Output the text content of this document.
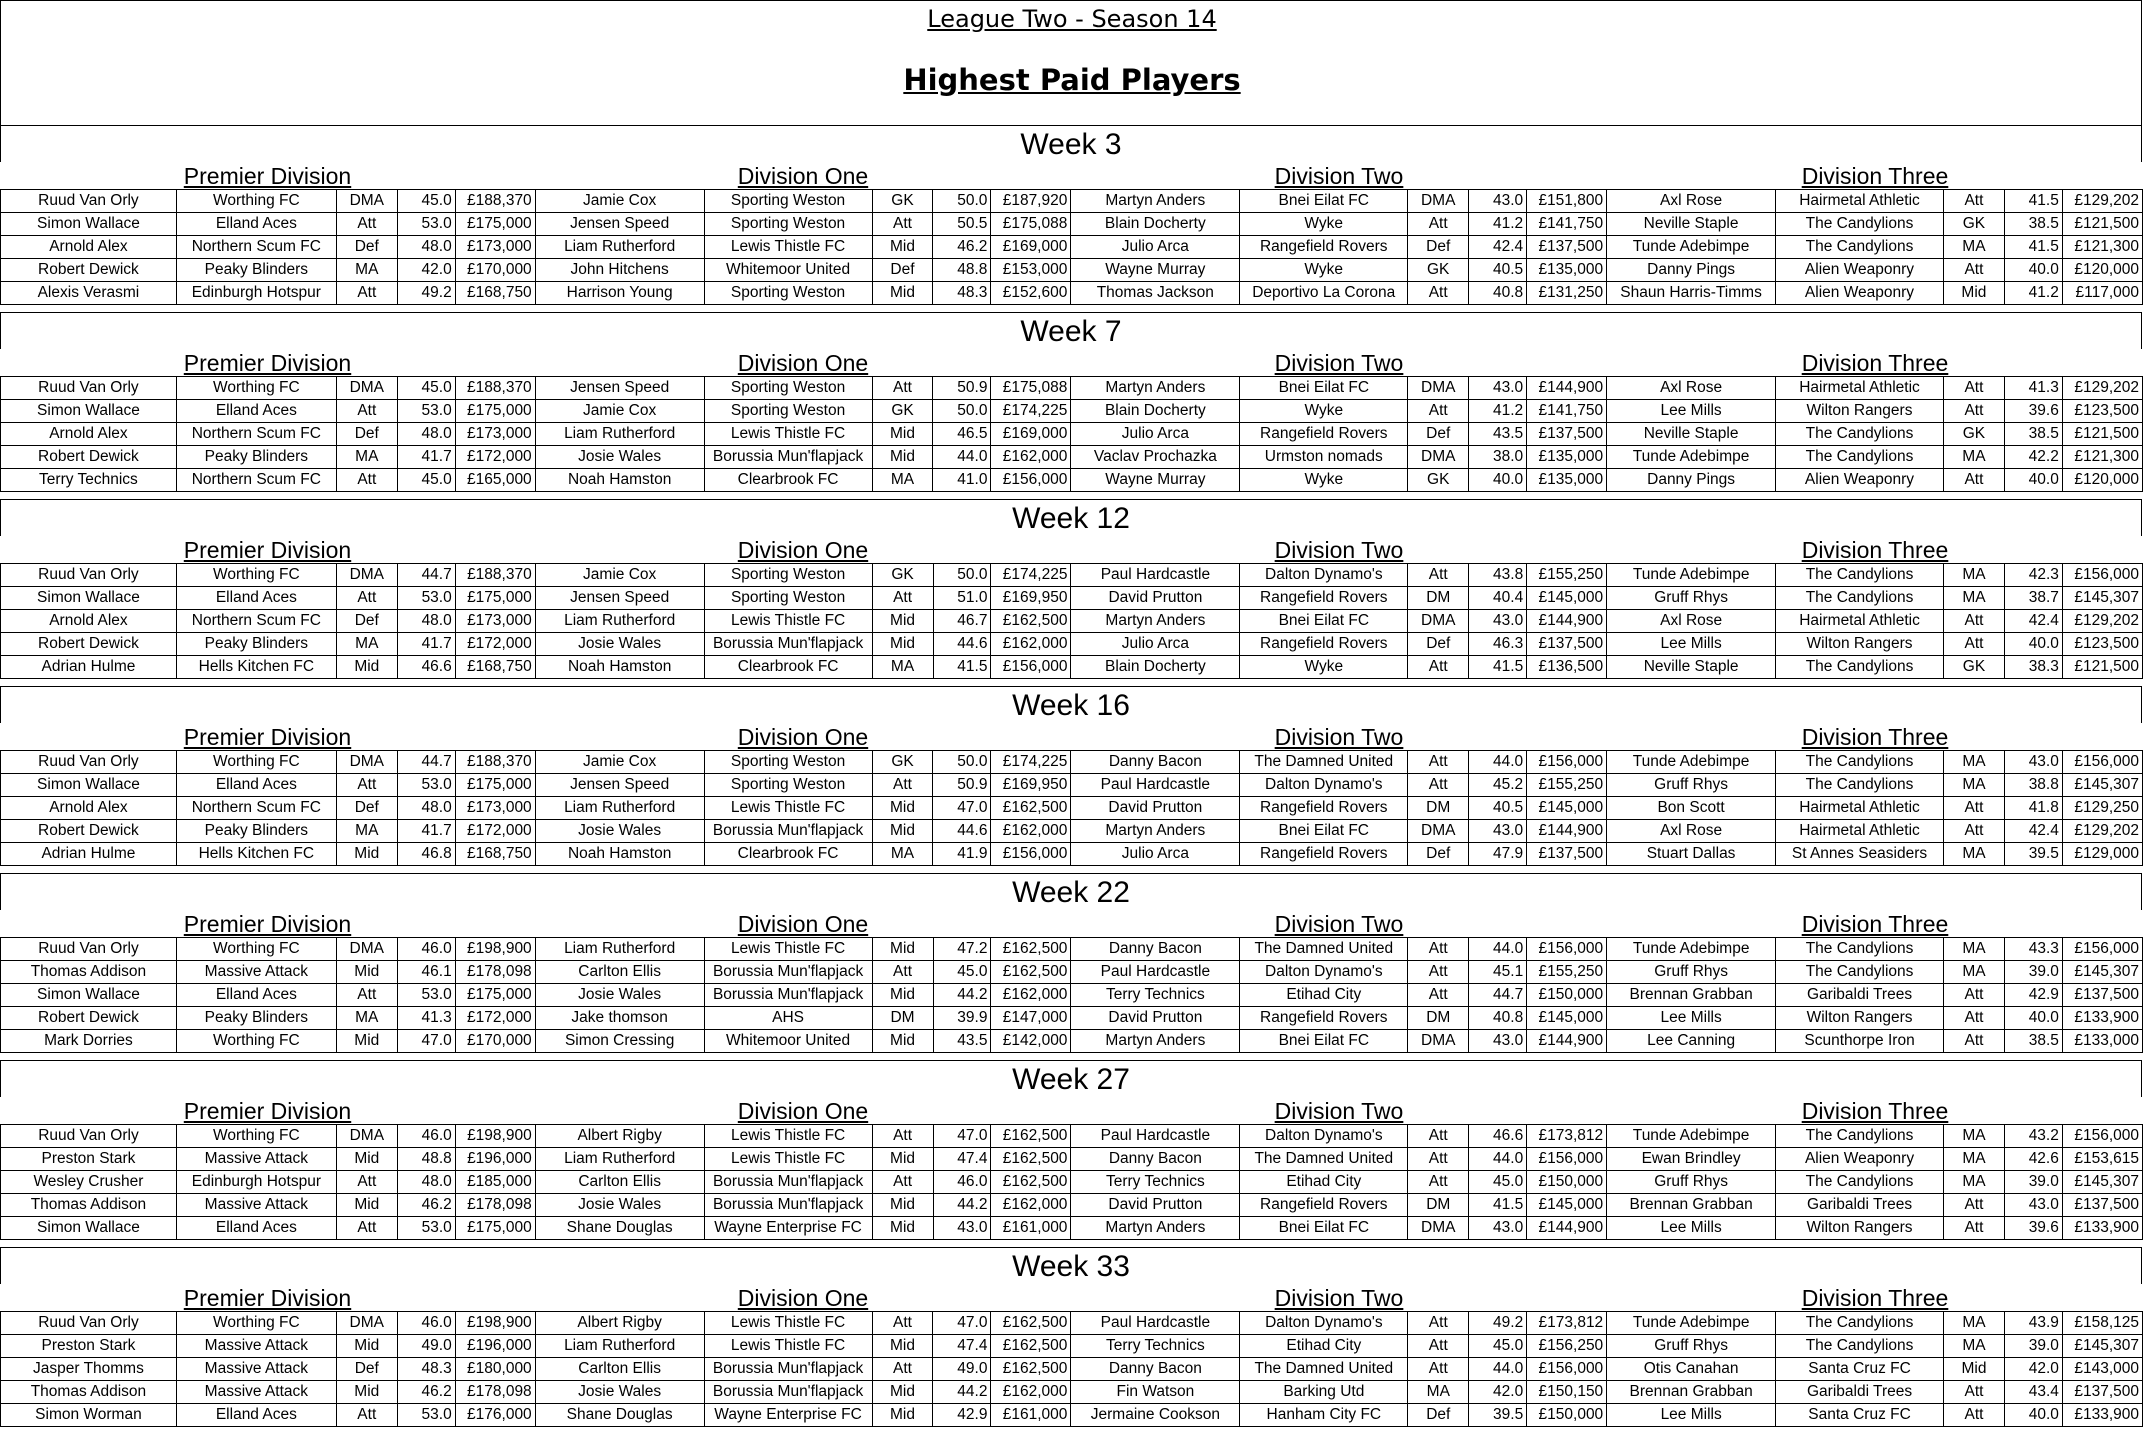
League Two - Season 14
Highest Paid Players
Week 3
Premier Division	Division One	Division Two	Division Three
Ruud Van Orly	Worthing FC	DMA	45.0	£188,370	Jamie Cox	Sporting Weston	GK	50.0	£187,920	Martyn Anders	Bnei Eilat FC	DMA	43.0	£151,800	Axl Rose	Hairmetal Athletic	Att	41.5	£129,202
Simon Wallace	Elland Aces	Att	53.0	£175,000	Jensen Speed	Sporting Weston	Att	50.5	£175,088	Blain Docherty	Wyke	Att	41.2	£141,750	Neville Staple	The Candylions	GK	38.5	£121,500
Arnold Alex	Northern Scum FC	Def	48.0	£173,000	Liam Rutherford	Lewis Thistle FC	Mid	46.2	£169,000	Julio Arca	Rangefield Rovers	Def	42.4	£137,500	Tunde Adebimpe	The Candylions	MA	41.5	£121,300
Robert Dewick	Peaky Blinders	MA	42.0	£170,000	John Hitchens	Whitemoor United	Def	48.8	£153,000	Wayne Murray	Wyke	GK	40.5	£135,000	Danny Pings	Alien Weaponry	Att	40.0	£120,000
Alexis Verasmi	Edinburgh Hotspur	Att	49.2	£168,750	Harrison Young	Sporting Weston	Mid	48.3	£152,600	Thomas Jackson	Deportivo La Corona	Att	40.8	£131,250	Shaun Harris-Timms	Alien Weaponry	Mid	41.2	£117,000
Week 7
Premier Division	Division One	Division Two	Division Three
Ruud Van Orly	Worthing FC	DMA	45.0	£188,370	Jensen Speed	Sporting Weston	Att	50.9	£175,088	Martyn Anders	Bnei Eilat FC	DMA	43.0	£144,900	Axl Rose	Hairmetal Athletic	Att	41.3	£129,202
Simon Wallace	Elland Aces	Att	53.0	£175,000	Jamie Cox	Sporting Weston	GK	50.0	£174,225	Blain Docherty	Wyke	Att	41.2	£141,750	Lee Mills	Wilton Rangers	Att	39.6	£123,500
Arnold Alex	Northern Scum FC	Def	48.0	£173,000	Liam Rutherford	Lewis Thistle FC	Mid	46.5	£169,000	Julio Arca	Rangefield Rovers	Def	43.5	£137,500	Neville Staple	The Candylions	GK	38.5	£121,500
Robert Dewick	Peaky Blinders	MA	41.7	£172,000	Josie Wales	Borussia Mun'flapjack	Mid	44.0	£162,000	Vaclav Prochazka	Urmston nomads	DMA	38.0	£135,000	Tunde Adebimpe	The Candylions	MA	42.2	£121,300
Terry Technics	Northern Scum FC	Att	45.0	£165,000	Noah Hamston	Clearbrook FC	MA	41.0	£156,000	Wayne Murray	Wyke	GK	40.0	£135,000	Danny Pings	Alien Weaponry	Att	40.0	£120,000
Week 12
Premier Division	Division One	Division Two	Division Three
Ruud Van Orly	Worthing FC	DMA	44.7	£188,370	Jamie Cox	Sporting Weston	GK	50.0	£174,225	Paul Hardcastle	Dalton Dynamo's	Att	43.8	£155,250	Tunde Adebimpe	The Candylions	MA	42.3	£156,000
Simon Wallace	Elland Aces	Att	53.0	£175,000	Jensen Speed	Sporting Weston	Att	51.0	£169,950	David Prutton	Rangefield Rovers	DM	40.4	£145,000	Gruff Rhys	The Candylions	MA	38.7	£145,307
Arnold Alex	Northern Scum FC	Def	48.0	£173,000	Liam Rutherford	Lewis Thistle FC	Mid	46.7	£162,500	Martyn Anders	Bnei Eilat FC	DMA	43.0	£144,900	Axl Rose	Hairmetal Athletic	Att	42.4	£129,202
Robert Dewick	Peaky Blinders	MA	41.7	£172,000	Josie Wales	Borussia Mun'flapjack	Mid	44.6	£162,000	Julio Arca	Rangefield Rovers	Def	46.3	£137,500	Lee Mills	Wilton Rangers	Att	40.0	£123,500
Adrian Hulme	Hells Kitchen FC	Mid	46.6	£168,750	Noah Hamston	Clearbrook FC	MA	41.5	£156,000	Blain Docherty	Wyke	Att	41.5	£136,500	Neville Staple	The Candylions	GK	38.3	£121,500
Week 16
Premier Division	Division One	Division Two	Division Three
Ruud Van Orly	Worthing FC	DMA	44.7	£188,370	Jamie Cox	Sporting Weston	GK	50.0	£174,225	Danny Bacon	The Damned United	Att	44.0	£156,000	Tunde Adebimpe	The Candylions	MA	43.0	£156,000
Simon Wallace	Elland Aces	Att	53.0	£175,000	Jensen Speed	Sporting Weston	Att	50.9	£169,950	Paul Hardcastle	Dalton Dynamo's	Att	45.2	£155,250	Gruff Rhys	The Candylions	MA	38.8	£145,307
Arnold Alex	Northern Scum FC	Def	48.0	£173,000	Liam Rutherford	Lewis Thistle FC	Mid	47.0	£162,500	David Prutton	Rangefield Rovers	DM	40.5	£145,000	Bon Scott	Hairmetal Athletic	Att	41.8	£129,250
Robert Dewick	Peaky Blinders	MA	41.7	£172,000	Josie Wales	Borussia Mun'flapjack	Mid	44.6	£162,000	Martyn Anders	Bnei Eilat FC	DMA	43.0	£144,900	Axl Rose	Hairmetal Athletic	Att	42.4	£129,202
Adrian Hulme	Hells Kitchen FC	Mid	46.8	£168,750	Noah Hamston	Clearbrook FC	MA	41.9	£156,000	Julio Arca	Rangefield Rovers	Def	47.9	£137,500	Stuart Dallas	St Annes Seasiders	MA	39.5	£129,000
Week 22
Premier Division	Division One	Division Two	Division Three
Ruud Van Orly	Worthing FC	DMA	46.0	£198,900	Liam Rutherford	Lewis Thistle FC	Mid	47.2	£162,500	Danny Bacon	The Damned United	Att	44.0	£156,000	Tunde Adebimpe	The Candylions	MA	43.3	£156,000
Thomas Addison	Massive Attack	Mid	46.1	£178,098	Carlton Ellis	Borussia Mun'flapjack	Att	45.0	£162,500	Paul Hardcastle	Dalton Dynamo's	Att	45.1	£155,250	Gruff Rhys	The Candylions	MA	39.0	£145,307
Simon Wallace	Elland Aces	Att	53.0	£175,000	Josie Wales	Borussia Mun'flapjack	Mid	44.2	£162,000	Terry Technics	Etihad City	Att	44.7	£150,000	Brennan Grabban	Garibaldi Trees	Att	42.9	£137,500
Robert Dewick	Peaky Blinders	MA	41.3	£172,000	Jake thomson	AHS	DM	39.9	£147,000	David Prutton	Rangefield Rovers	DM	40.8	£145,000	Lee Mills	Wilton Rangers	Att	40.0	£133,900
Mark Dorries	Worthing FC	Mid	47.0	£170,000	Simon Cressing	Whitemoor United	Mid	43.5	£142,000	Martyn Anders	Bnei Eilat FC	DMA	43.0	£144,900	Lee Canning	Scunthorpe Iron	Att	38.5	£133,000
Week 27
Premier Division	Division One	Division Two	Division Three
Ruud Van Orly	Worthing FC	DMA	46.0	£198,900	Albert Rigby	Lewis Thistle FC	Att	47.0	£162,500	Paul Hardcastle	Dalton Dynamo's	Att	46.6	£173,812	Tunde Adebimpe	The Candylions	MA	43.2	£156,000
Preston Stark	Massive Attack	Mid	48.8	£196,000	Liam Rutherford	Lewis Thistle FC	Mid	47.4	£162,500	Danny Bacon	The Damned United	Att	44.0	£156,000	Ewan Brindley	Alien Weaponry	MA	42.6	£153,615
Wesley Crusher	Edinburgh Hotspur	Att	48.0	£185,000	Carlton Ellis	Borussia Mun'flapjack	Att	46.0	£162,500	Terry Technics	Etihad City	Att	45.0	£150,000	Gruff Rhys	The Candylions	MA	39.0	£145,307
Thomas Addison	Massive Attack	Mid	46.2	£178,098	Josie Wales	Borussia Mun'flapjack	Mid	44.2	£162,000	David Prutton	Rangefield Rovers	DM	41.5	£145,000	Brennan Grabban	Garibaldi Trees	Att	43.0	£137,500
Simon Wallace	Elland Aces	Att	53.0	£175,000	Shane Douglas	Wayne Enterprise FC	Mid	43.0	£161,000	Martyn Anders	Bnei Eilat FC	DMA	43.0	£144,900	Lee Mills	Wilton Rangers	Att	39.6	£133,900
Week 33
Premier Division	Division One	Division Two	Division Three
Ruud Van Orly	Worthing FC	DMA	46.0	£198,900	Albert Rigby	Lewis Thistle FC	Att	47.0	£162,500	Paul Hardcastle	Dalton Dynamo's	Att	49.2	£173,812	Tunde Adebimpe	The Candylions	MA	43.9	£158,125
Preston Stark	Massive Attack	Mid	49.0	£196,000	Liam Rutherford	Lewis Thistle FC	Mid	47.4	£162,500	Terry Technics	Etihad City	Att	45.0	£156,250	Gruff Rhys	The Candylions	MA	39.0	£145,307
Jasper Thomms	Massive Attack	Def	48.3	£180,000	Carlton Ellis	Borussia Mun'flapjack	Att	49.0	£162,500	Danny Bacon	The Damned United	Att	44.0	£156,000	Otis Canahan	Santa Cruz FC	Mid	42.0	£143,000
Thomas Addison	Massive Attack	Mid	46.2	£178,098	Josie Wales	Borussia Mun'flapjack	Mid	44.2	£162,000	Fin Watson	Barking Utd	MA	42.0	£150,150	Brennan Grabban	Garibaldi Trees	Att	43.4	£137,500
Simon Worman	Elland Aces	Att	53.0	£176,000	Shane Douglas	Wayne Enterprise FC	Mid	42.9	£161,000	Jermaine Cookson	Hanham City FC	Def	39.5	£150,000	Lee Mills	Santa Cruz FC	Att	40.0	£133,900
